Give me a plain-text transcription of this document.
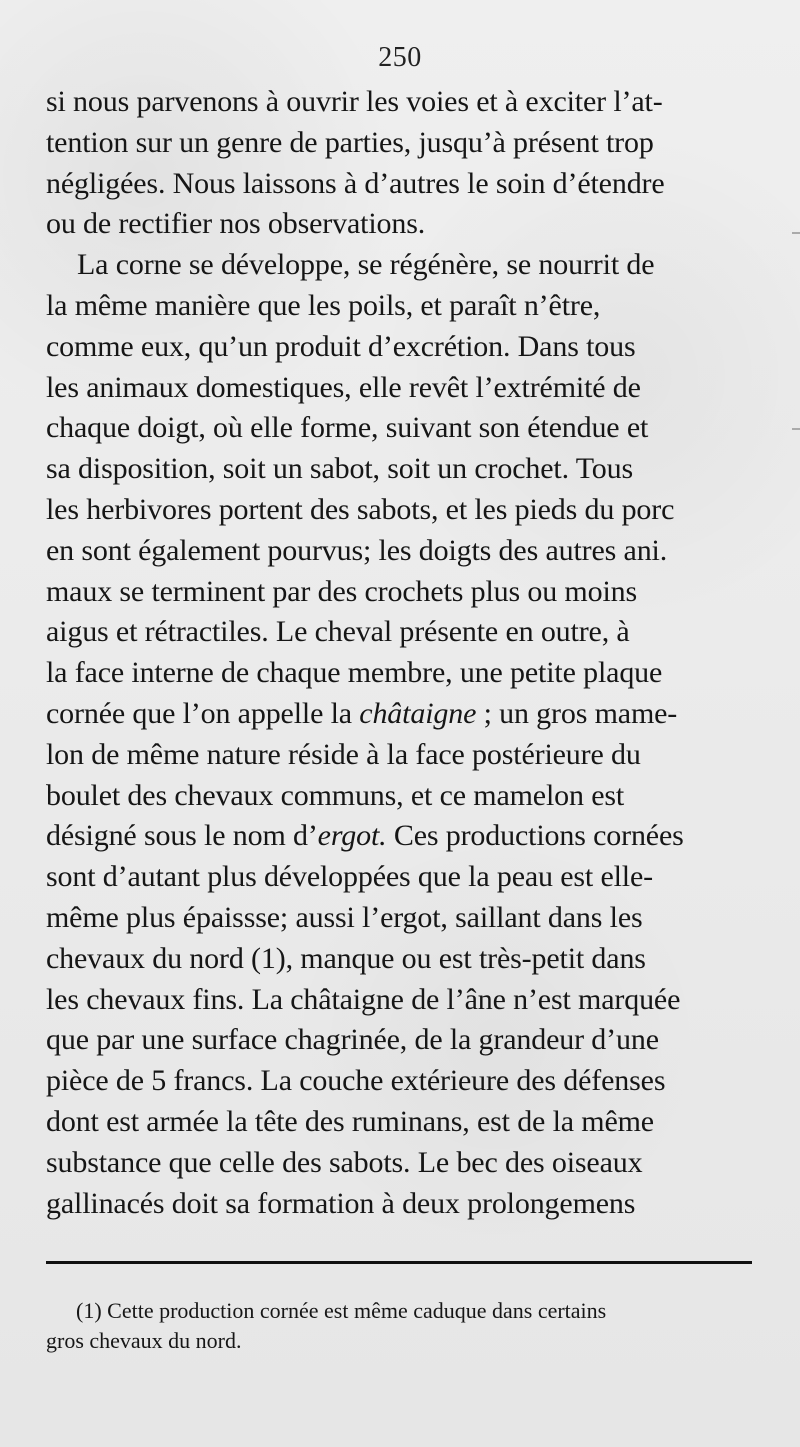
250
si nous parvenons à ouvrir les voies et à exciter l’at-
tention sur un genre de parties, jusqu’à présent trop
négligées. Nous laissons à d’autres le soin d’étendre
ou de rectifier nos observations.
La corne se développe, se régénère, se nourrit de
la même manière que les poils, et paraît n’être,
comme eux, qu’un produit d’excrétion. Dans tous
les animaux domestiques, elle revêt l’extrémité de
chaque doigt, où elle forme, suivant son étendue et
sa disposition, soit un sabot, soit un crochet. Tous
les herbivores portent des sabots, et les pieds du porc
en sont également pourvus; les doigts des autres ani.
maux se terminent par des crochets plus ou moins
aigus et rétractiles. Le cheval présente en outre, à
la face interne de chaque membre, une petite plaque
cornée que l’on appelle la châtaigne ; un gros mame-
lon de même nature réside à la face postérieure du
boulet des chevaux communs, et ce mamelon est
désigné sous le nom d’ergot. Ces productions cornées
sont d’autant plus développées que la peau est elle-
même plus épaissse; aussi l’ergot, saillant dans les
chevaux du nord (1), manque ou est très-petit dans
les chevaux fins. La châtaigne de l’âne n’est marquée
que par une surface chagrinée, de la grandeur d’une
pièce de 5 francs. La couche extérieure des défenses
dont est armée la tête des ruminans, est de la même
substance que celle des sabots. Le bec des oiseaux
gallinacés doit sa formation à deux prolongemens
(1) Cette production cornée est même caduque dans certains
gros chevaux du nord.
